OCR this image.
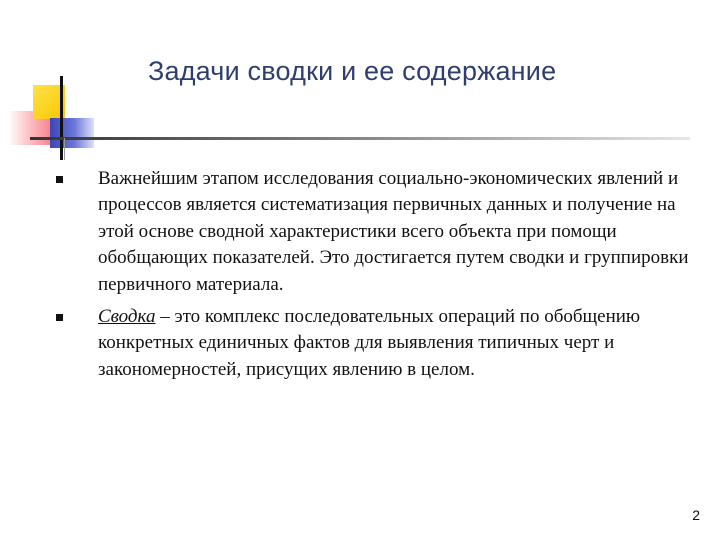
Задачи сводки и ее содержание
Важнейшим этапом исследования социально-экономических явлений и процессов является систематизация первичных данных и получение на этой основе сводной характеристики всего объекта при помощи обобщающих показателей. Это достигается путем сводки и группировки первичного материала.
Сводка – это комплекс последовательных операций по обобщению конкретных единичных фактов для выявления типичных черт и закономерностей, присущих явлению в целом.
2
